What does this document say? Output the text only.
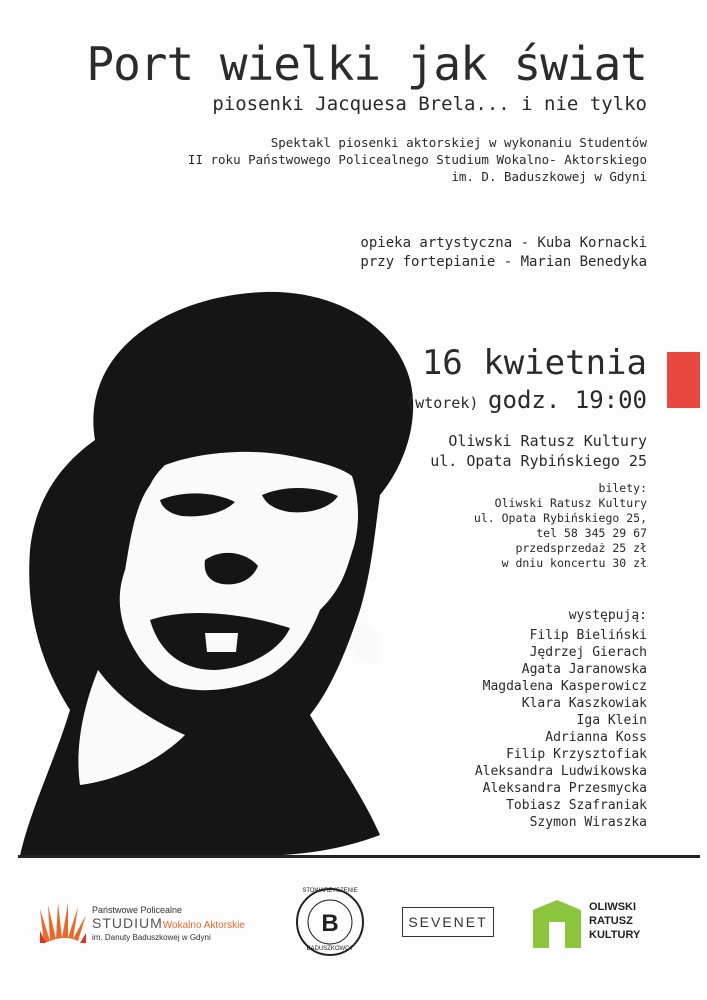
Port wielki jak świat
piosenki Jacquesa Brela... i nie tylko
Spektakl piosenki aktorskiej w wykonaniu Studentów
II roku Państwowego Policealnego Studium Wokalno- Aktorskiego
im. D. Baduszkowej w Gdyni
opieka artystyczna - Kuba Kornacki
przy fortepianie - Marian Benedyka
16 kwietnia
(wtorek) godz. 19:00
Oliwski Ratusz Kultury
ul. Opata Rybińskiego 25
bilety:
Oliwski Ratusz Kultury
ul. Opata Rybińskiego 25,
tel 58 345 29 67
przedsprzedaż 25 zł
w dniu koncertu 30 zł
występują:
Filip Bieliński
Jędrzej Gierach
Agata Jaranowska
Magdalena Kasperowicz
Klara Kaszkowiak
Iga Klein
Adrianna Koss
Filip Krzysztofiak
Aleksandra Ludwikowska
Aleksandra Przesmycka
Tobiasz Szafraniak
Szymon Wiraszka
Państwowe Policealne
STUDIUMWokalno Aktorskie
im. Danuty Baduszkowej w Gdyni
B
STOWARZYSZENIE
BADUSZKOWCY
SEVENET
OLIWSKI
RATUSZ
KULTURY
